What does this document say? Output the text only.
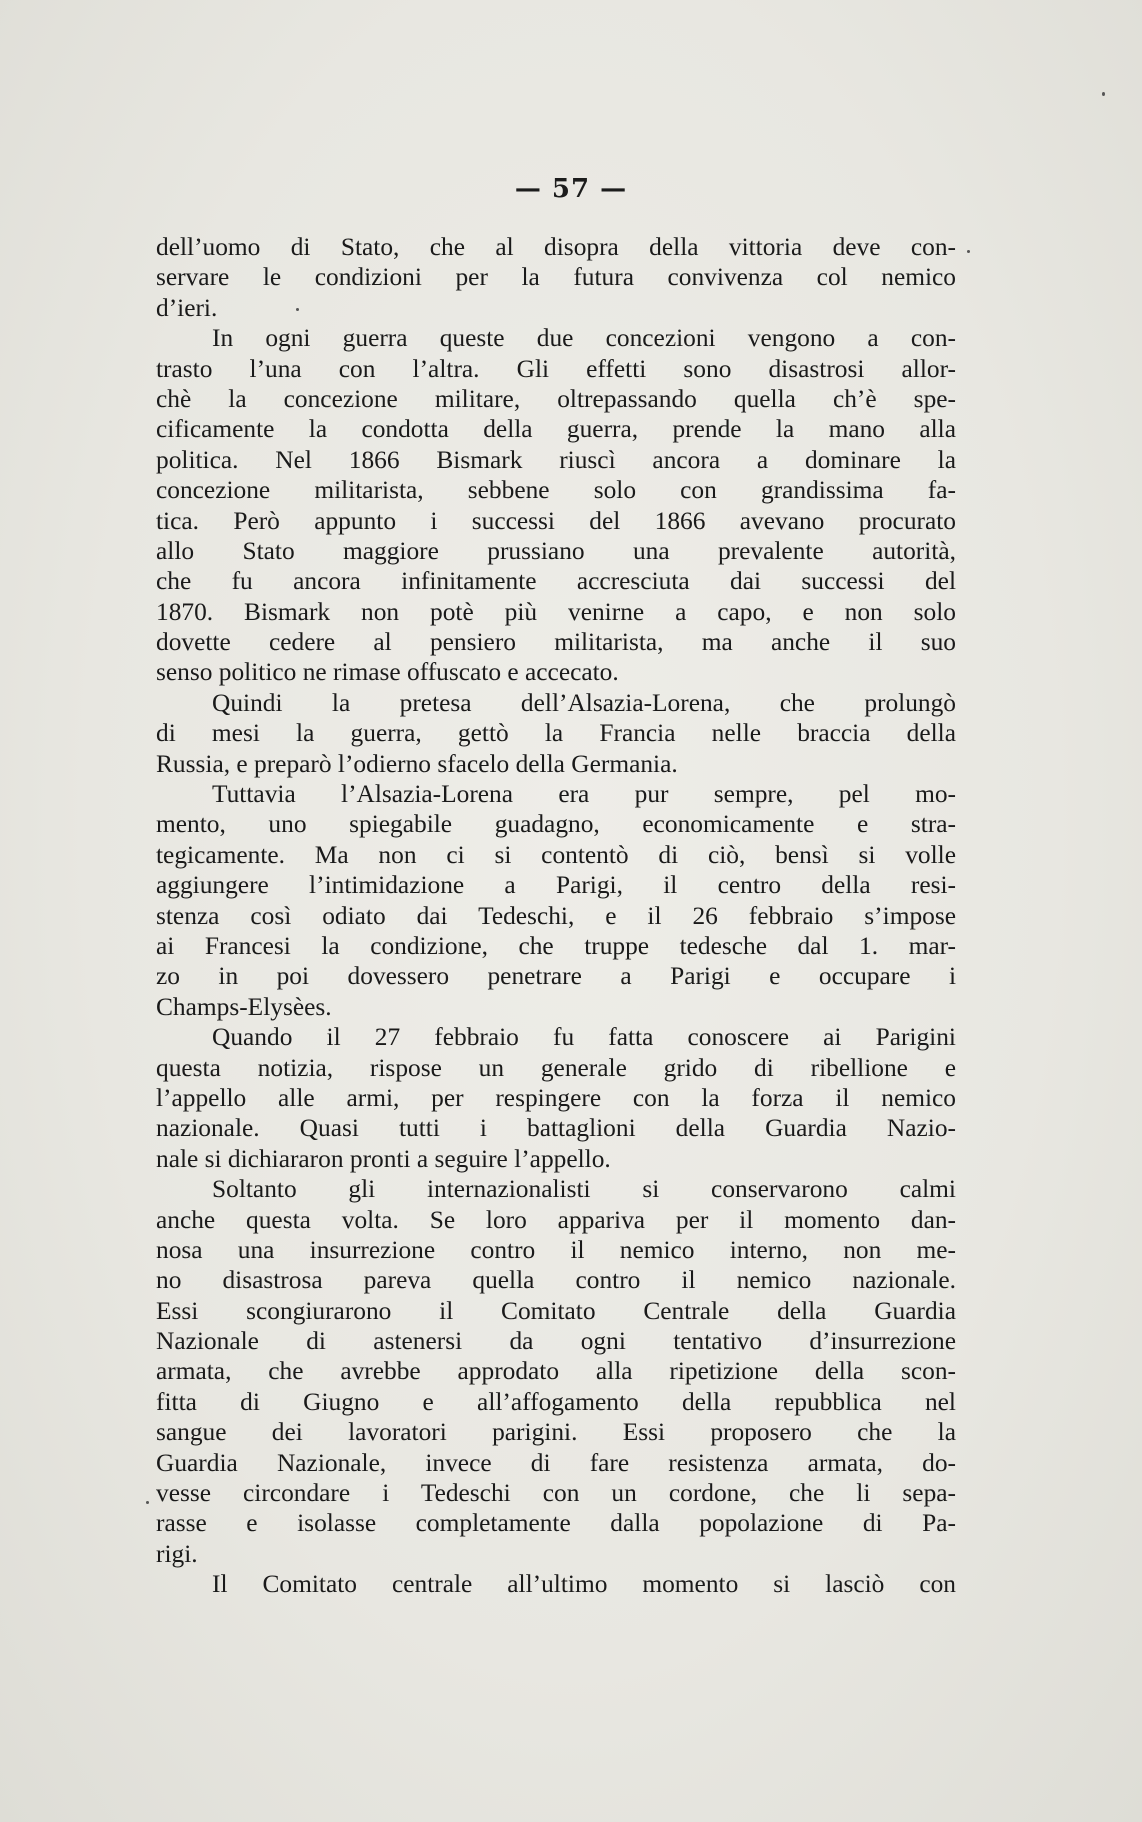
— 57 —
dell’uomo di Stato, che al disopra della vittoria deve con-
servare le condizioni per la futura convivenza col nemico
d’ieri.
In ogni guerra queste due concezioni vengono a con-
trasto l’una con l’altra. Gli effetti sono disastrosi allor-
chè la concezione militare, oltrepassando quella ch’è spe-
cificamente la condotta della guerra, prende la mano alla
politica. Nel 1866 Bismark riuscì ancora a dominare la
concezione militarista, sebbene solo con grandissima fa-
tica. Però appunto i successi del 1866 avevano procurato
allo Stato maggiore prussiano una prevalente autorità,
che fu ancora infinitamente accresciuta dai successi del
1870. Bismark non potè più venirne a capo, e non solo
dovette cedere al pensiero militarista, ma anche il suo
senso politico ne rimase offuscato e accecato.
Quindi la pretesa dell’Alsazia-Lorena, che prolungò
di mesi la guerra, gettò la Francia nelle braccia della
Russia, e preparò l’odierno sfacelo della Germania.
Tuttavia l’Alsazia-Lorena era pur sempre, pel mo-
mento, uno spiegabile guadagno, economicamente e stra-
tegicamente. Ma non ci si contentò di ciò, bensì si volle
aggiungere l’intimidazione a Parigi, il centro della resi-
stenza così odiato dai Tedeschi, e il 26 febbraio s’impose
ai Francesi la condizione, che truppe tedesche dal 1. mar-
zo in poi dovessero penetrare a Parigi e occupare i
Champs-Elysèes.
Quando il 27 febbraio fu fatta conoscere ai Parigini
questa notizia, rispose un generale grido di ribellione e
l’appello alle armi, per respingere con la forza il nemico
nazionale. Quasi tutti i battaglioni della Guardia Nazio-
nale si dichiararon pronti a seguire l’appello.
Soltanto gli internazionalisti si conservarono calmi
anche questa volta. Se loro appariva per il momento dan-
nosa una insurrezione contro il nemico interno, non me-
no disastrosa pareva quella contro il nemico nazionale.
Essi scongiurarono il Comitato Centrale della Guardia
Nazionale di astenersi da ogni tentativo d’insurrezione
armata, che avrebbe approdato alla ripetizione della scon-
fitta di Giugno e all’affogamento della repubblica nel
sangue dei lavoratori parigini. Essi proposero che la
Guardia Nazionale, invece di fare resistenza armata, do-
vesse circondare i Tedeschi con un cordone, che li sepa-
rasse e isolasse completamente dalla popolazione di Pa-
rigi.
Il Comitato centrale all’ultimo momento si lasciò con
